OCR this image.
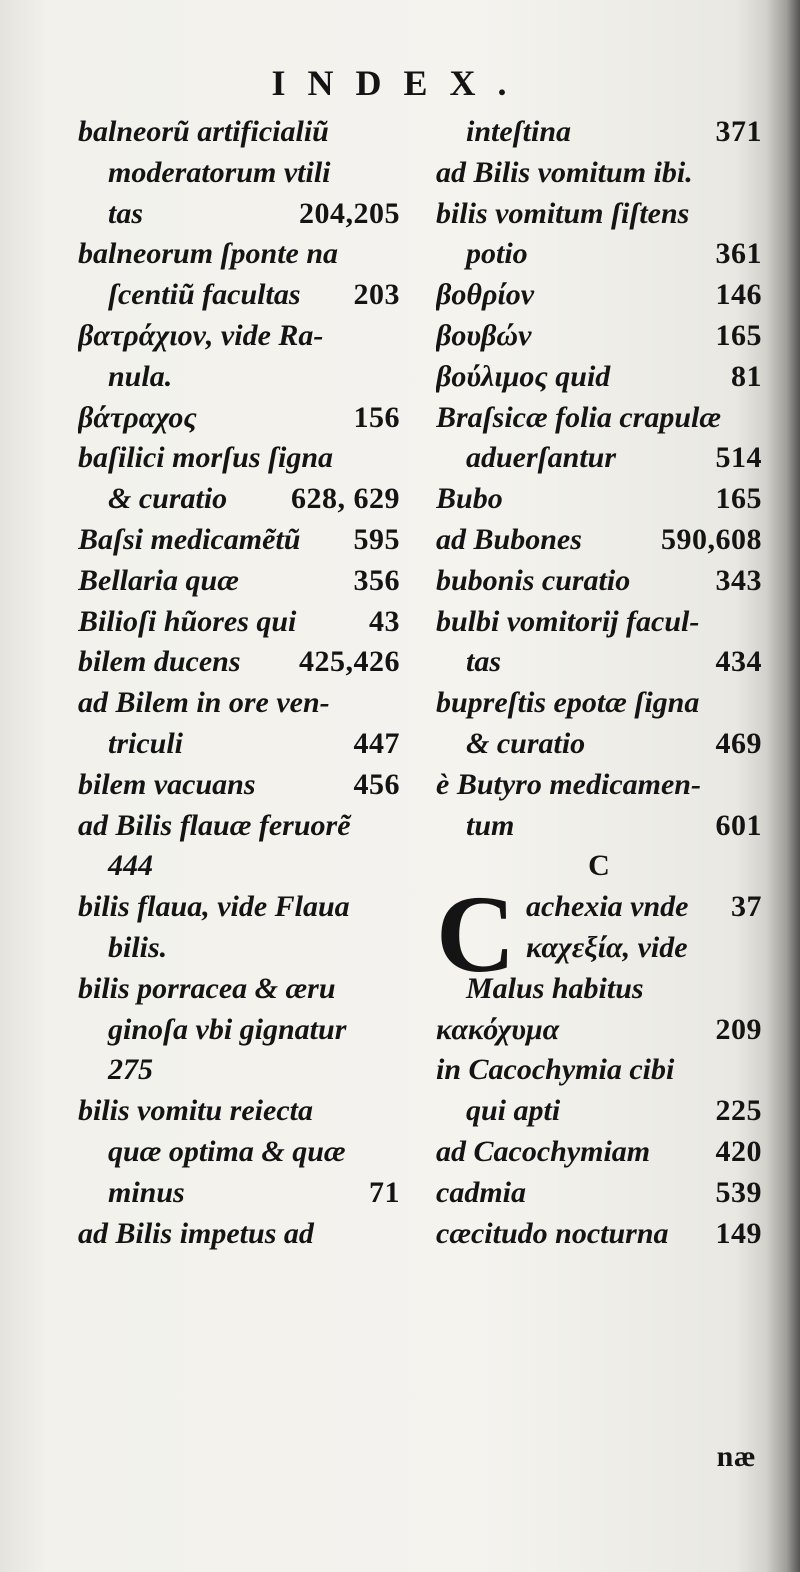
INDEX.
balneorũ artificialiũ
moderatorum vtili
tas	204,205
balneorum ſponte na
ſcentiũ facultas 203
βατράχιον, vide Ra-
nula.
βάτραχος	156
baſilici morſus ſigna
& curatio 628, 629
Baſsi medicamẽtũ 595
Bellaria quæ	356
Bilioſi hũores qui 43
bilem ducens 425,426
ad Bilem in ore ven-
triculi	447
bilem vacuans	456
ad Bilis flauæ feruorẽ
444
bilis flaua, vide Flaua
bilis.
bilis porracea & æru
ginoſa vbi gignatur
275
bilis vomitu reiecta
quæ optima & quæ
minus	71
ad Bilis impetus ad
inteſtina	371
ad Bilis vomitum ibi.
bilis vomitum ſiſtens
potio	361
βοθρίον	146
βουβών	165
βούλιμος quid	81
Braſsicæ folia crapulæ
aduerſantur	514
Bubo	165
ad Bubones	590,608
bubonis curatio	343
bulbi vomitorij facul-
tas	434
bupreſtis epotæ ſigna
& curatio	469
è Butyro medicamen-
tum	601
C
C achexia vnde 37
καχεξία, vide
Malus habitus
κακόχυμα	209
in Cacochymia cibi
qui apti	225
ad Cacochymiam 420
cadmia	539
cæcitudo nocturna 149
næ
